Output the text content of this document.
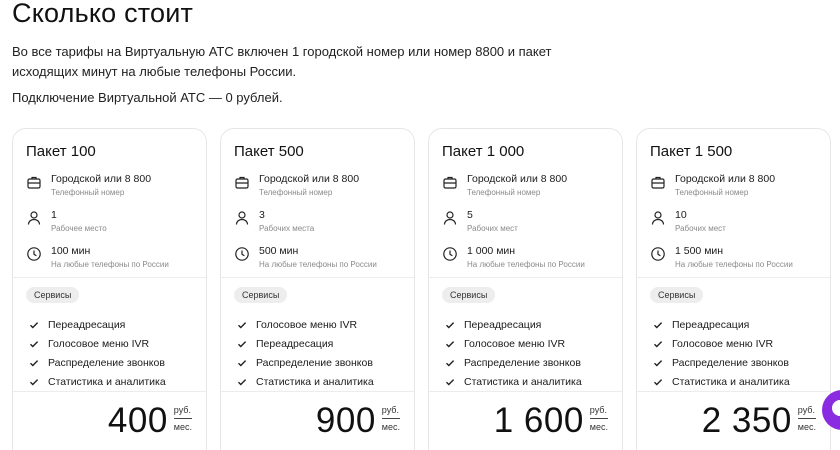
Сколько стоит
Во все тарифы на Виртуальную АТС включен 1 городской номер или номер 8800 и пакет исходящих минут на любые телефоны России.
Подключение Виртуальной АТС — 0 рублей.
Пакет 100
Городской или 8 800
Телефонный номер
1
Рабочее место
100 мин
На любые телефоны по России
Сервисы
Переадресация
Голосовое меню IVR
Распределение звонков
Статистика и аналитика
400 руб.
мес.
Пакет 500
Городской или 8 800
Телефонный номер
3
Рабочих места
500 мин
На любые телефоны по России
Сервисы
Голосовое меню IVR
Переадресация
Распределение звонков
Статистика и аналитика
900 руб.
мес.
Пакет 1 000
Городской или 8 800
Телефонный номер
5
Рабочих мест
1 000 мин
На любые телефоны по России
Сервисы
Переадресация
Голосовое меню IVR
Распределение звонков
Статистика и аналитика
1 600 руб.
мес.
Пакет 1 500
Городской или 8 800
Телефонный номер
10
Рабочих мест
1 500 мин
На любые телефоны по России
Сервисы
Переадресация
Голосовое меню IVR
Распределение звонков
Статистика и аналитика
2 350 руб.
мес.
